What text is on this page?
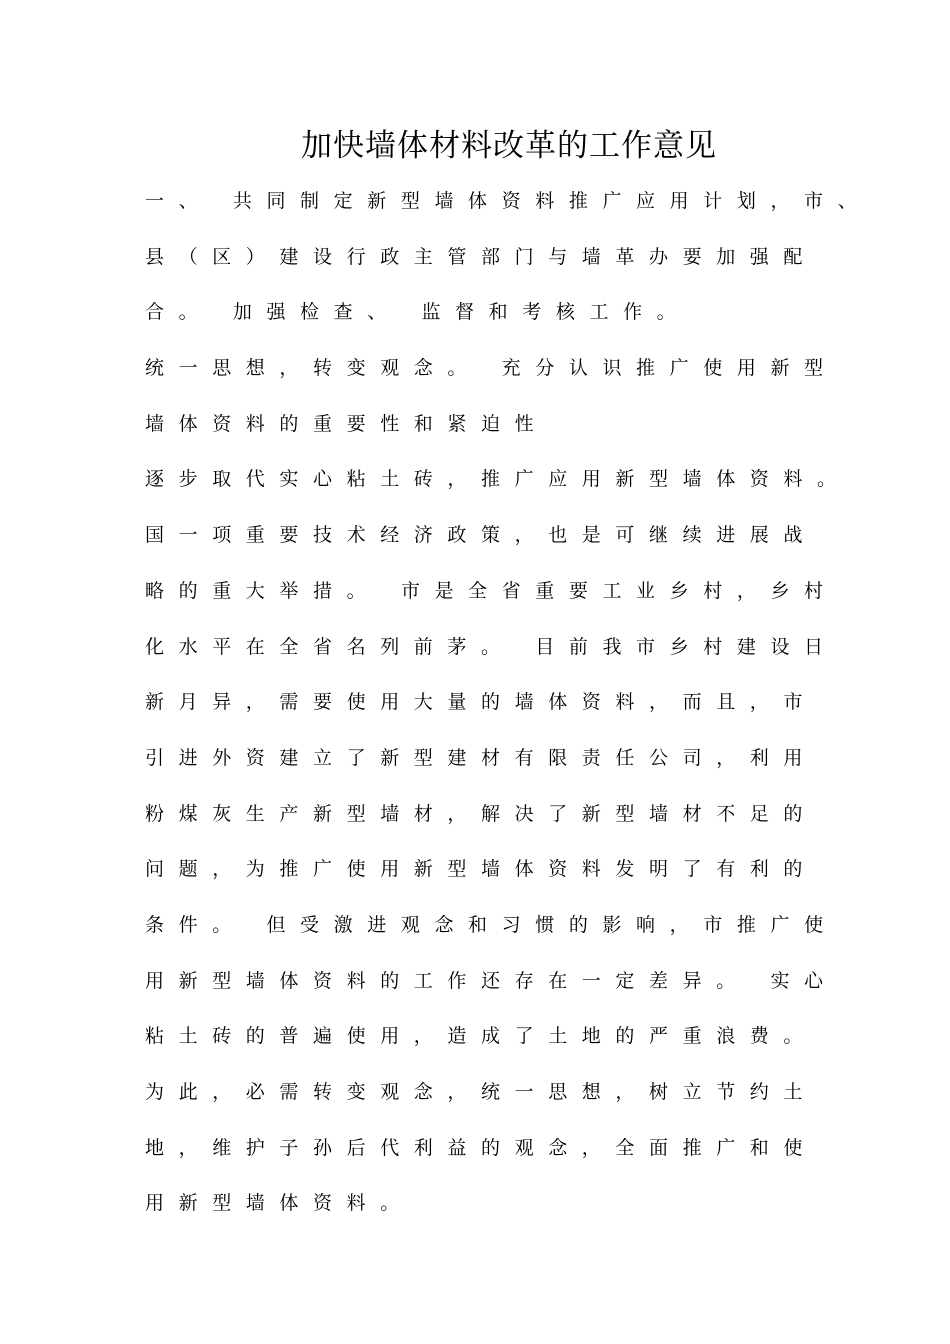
加快墙体材料改革的工作意见
一、 共同制定新型墙体资料推广应用计划，市、
县（区）建设行政主管部门与墙革办要加强配
合。 加强检查、 监督和考核工作。
统一思想，转变观念。 充分认识推广使用新型
墙体资料的重要性和紧迫性
逐步取代实心粘土砖，推广应用新型墙体资料。
国一项重要技术经济政策，也是可继续进展战
略的重大举措。 市是全省重要工业乡村，乡村
化水平在全省名列前茅。 目前我市乡村建设日
新月异，需要使用大量的墙体资料，而且，市
引进外资建立了新型建材有限责任公司，利用
粉煤灰生产新型墙材，解决了新型墙材不足的
问题，为推广使用新型墙体资料发明了有利的
条件。 但受激进观念和习惯的影响，市推广使
用新型墙体资料的工作还存在一定差异。 实心
粘土砖的普遍使用，造成了土地的严重浪费。
为此，必需转变观念，统一思想，树立节约土
地，维护子孙后代利益的观念，全面推广和使
用新型墙体资料。
